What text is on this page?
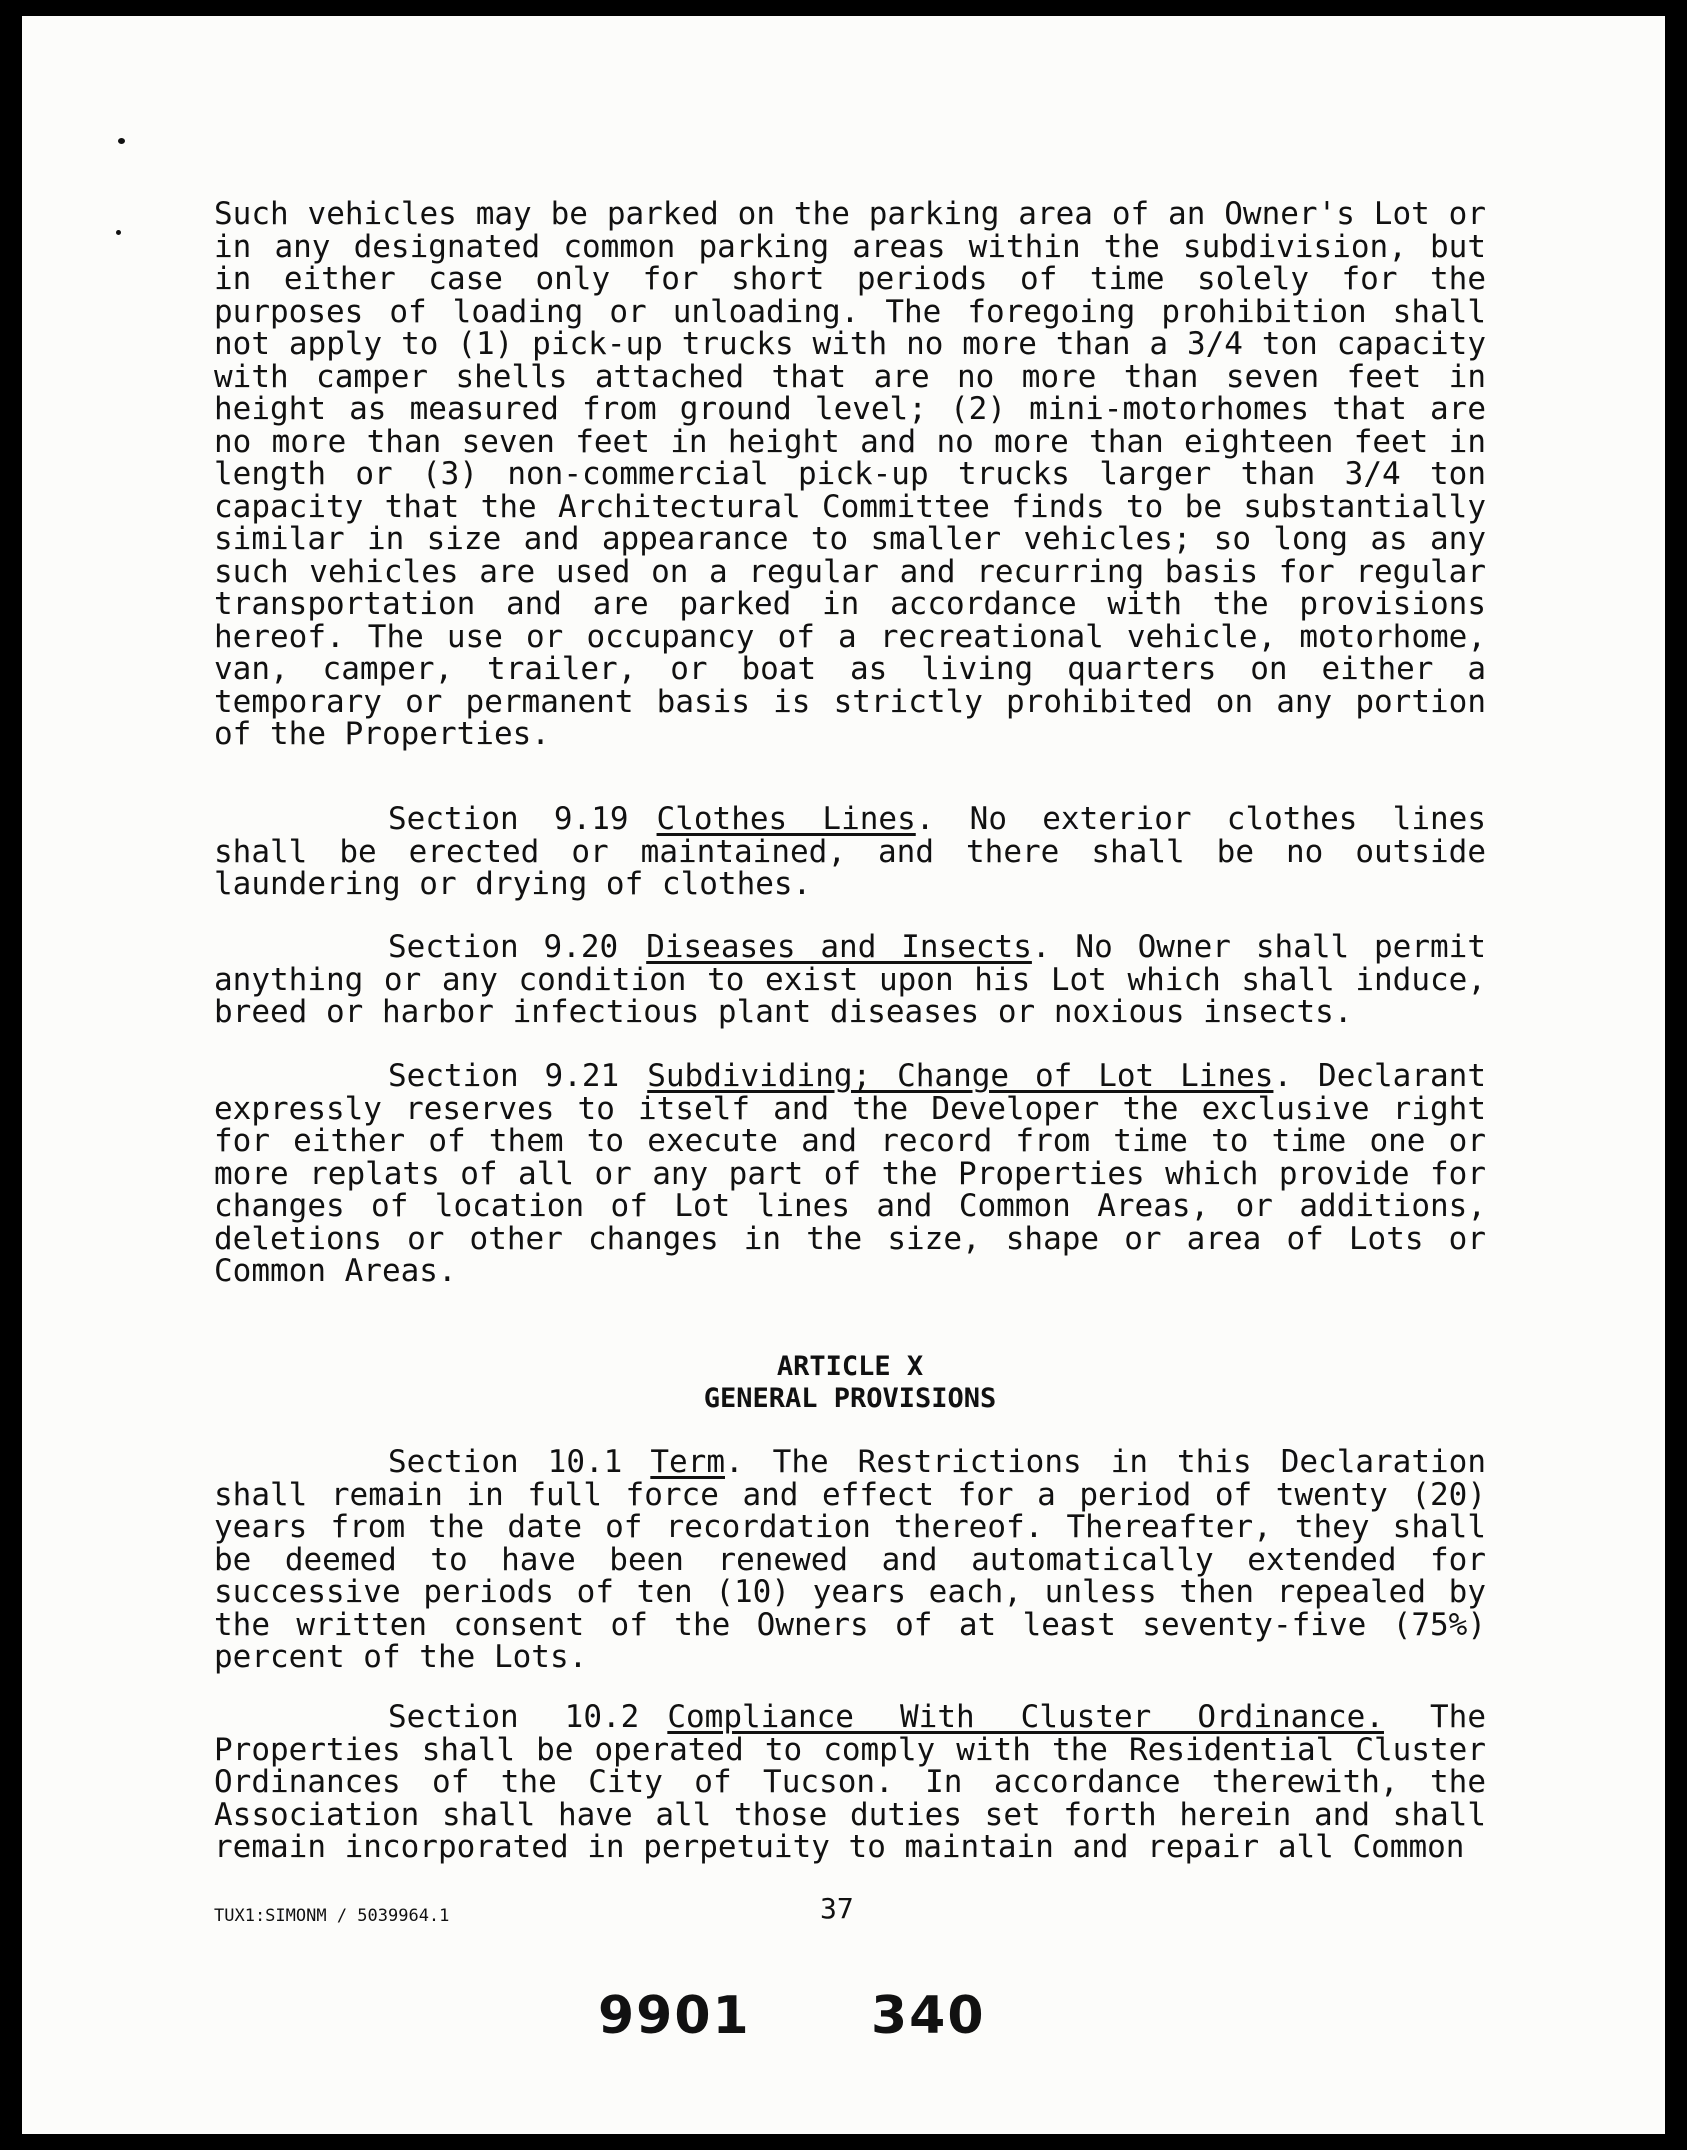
Such vehicles may be parked on the parking area of an Owner's Lot or in any designated common parking areas within the subdivision, but in either case only for short periods of time solely for the purposes of loading or unloading. The foregoing prohibition shall not apply to (1) pick-up trucks with no more than a 3/4 ton capacity with camper shells attached that are no more than seven feet in height as measured from ground level; (2) mini-motorhomes that are no more than seven feet in height and no more than eighteen feet in length or (3) non-commercial pick-up trucks larger than 3/4 ton capacity that the Architectural Committee finds to be substantially similar in size and appearance to smaller vehicles; so long as any such vehicles are used on a regular and recurring basis for regular transportation and are parked in accordance with the provisions hereof. The use or occupancy of a recreational vehicle, motorhome, van, camper, trailer, or boat as living quarters on either a temporary or permanent basis is strictly prohibited on any portion of the Properties.

Section 9.19 Clothes Lines. No exterior clothes lines shall be erected or maintained, and there shall be no outside laundering or drying of clothes.

Section 9.20 Diseases and Insects. No Owner shall permit anything or any condition to exist upon his Lot which shall induce, breed or harbor infectious plant diseases or noxious insects.

Section 9.21 Subdividing; Change of Lot Lines. Declarant expressly reserves to itself and the Developer the exclusive right for either of them to execute and record from time to time one or more replats of all or any part of the Properties which provide for changes of location of Lot lines and Common Areas, or additions, deletions or other changes in the size, shape or area of Lots or Common Areas.

ARTICLE X
GENERAL PROVISIONS

Section 10.1 Term. The Restrictions in this Declaration shall remain in full force and effect for a period of twenty (20) years from the date of recordation thereof. Thereafter, they shall be deemed to have been renewed and automatically extended for successive periods of ten (10) years each, unless then repealed by the written consent of the Owners of at least seventy-five (75%) percent of the Lots.

Section 10.2 Compliance With Cluster Ordinance. The Properties shall be operated to comply with the Residential Cluster Ordinances of the City of Tucson. In accordance therewith, the Association shall have all those duties set forth herein and shall remain incorporated in perpetuity to maintain and repair all Common

TUX1:SIMONM / 5039964.1	37
9901 340
